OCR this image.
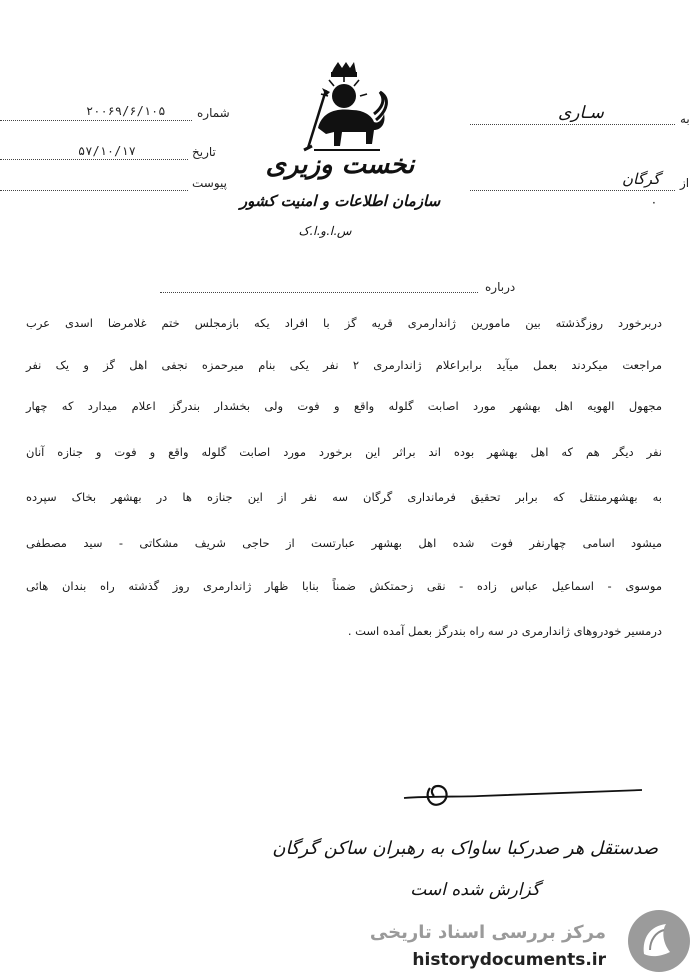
شماره
۲۰۰۶۹/۶/۱۰۵
تاریخ
۵۷/۱۰/۱۷
پیوست
به
سـاری
از
گرگان
·
نخست وزیری
سازمان اطلاعات و امنیت کشور
س.ا.و.ا.ک
درباره
دربرخورد روزگذشته بین مامورین ژاندارمری قریه گز با افراد یکه بازمجلس ختم غلامرضا اسدی عرب
مراجعت میکردند بعمل میآید برابراعلام ژاندارمری ۲ نفر یکی بنام میرحمزه نجفی اهل گز و یک نفر
مجهول الهویه اهل بهشهر مورد اصابت گلوله واقع و فوت ولی بخشدار بندرگز اعلام میدارد که چهار
نفر دیگر هم که اهل بهشهر بوده اند براثر این برخورد مورد اصابت گلوله واقع و فوت و جنازه آنان
به بهشهرمنتقل که برابر تحقیق فرمانداری گرگان سه نفر از این جنازه ها در بهشهر بخاک سپرده
میشود اسامی چهارنفر فوت شده اهل بهشهر عبارتست از حاجی شریف مشکاتی - سید مصطفی
موسوی - اسماعیل عباس زاده - نقی زحمتکش ضمناً بنابا ظهار ژاندارمری روز گذشته راه بندان هائی
درمسیر خودروهای ژاندارمری در سه راه بندرگز بعمل آمده است .
صدستقل هر صدرکبا ساواک به رهبران ساکن گرگان
گزارش شده است
مرکز بررسی اسناد تاریخی
historydocuments.ir
